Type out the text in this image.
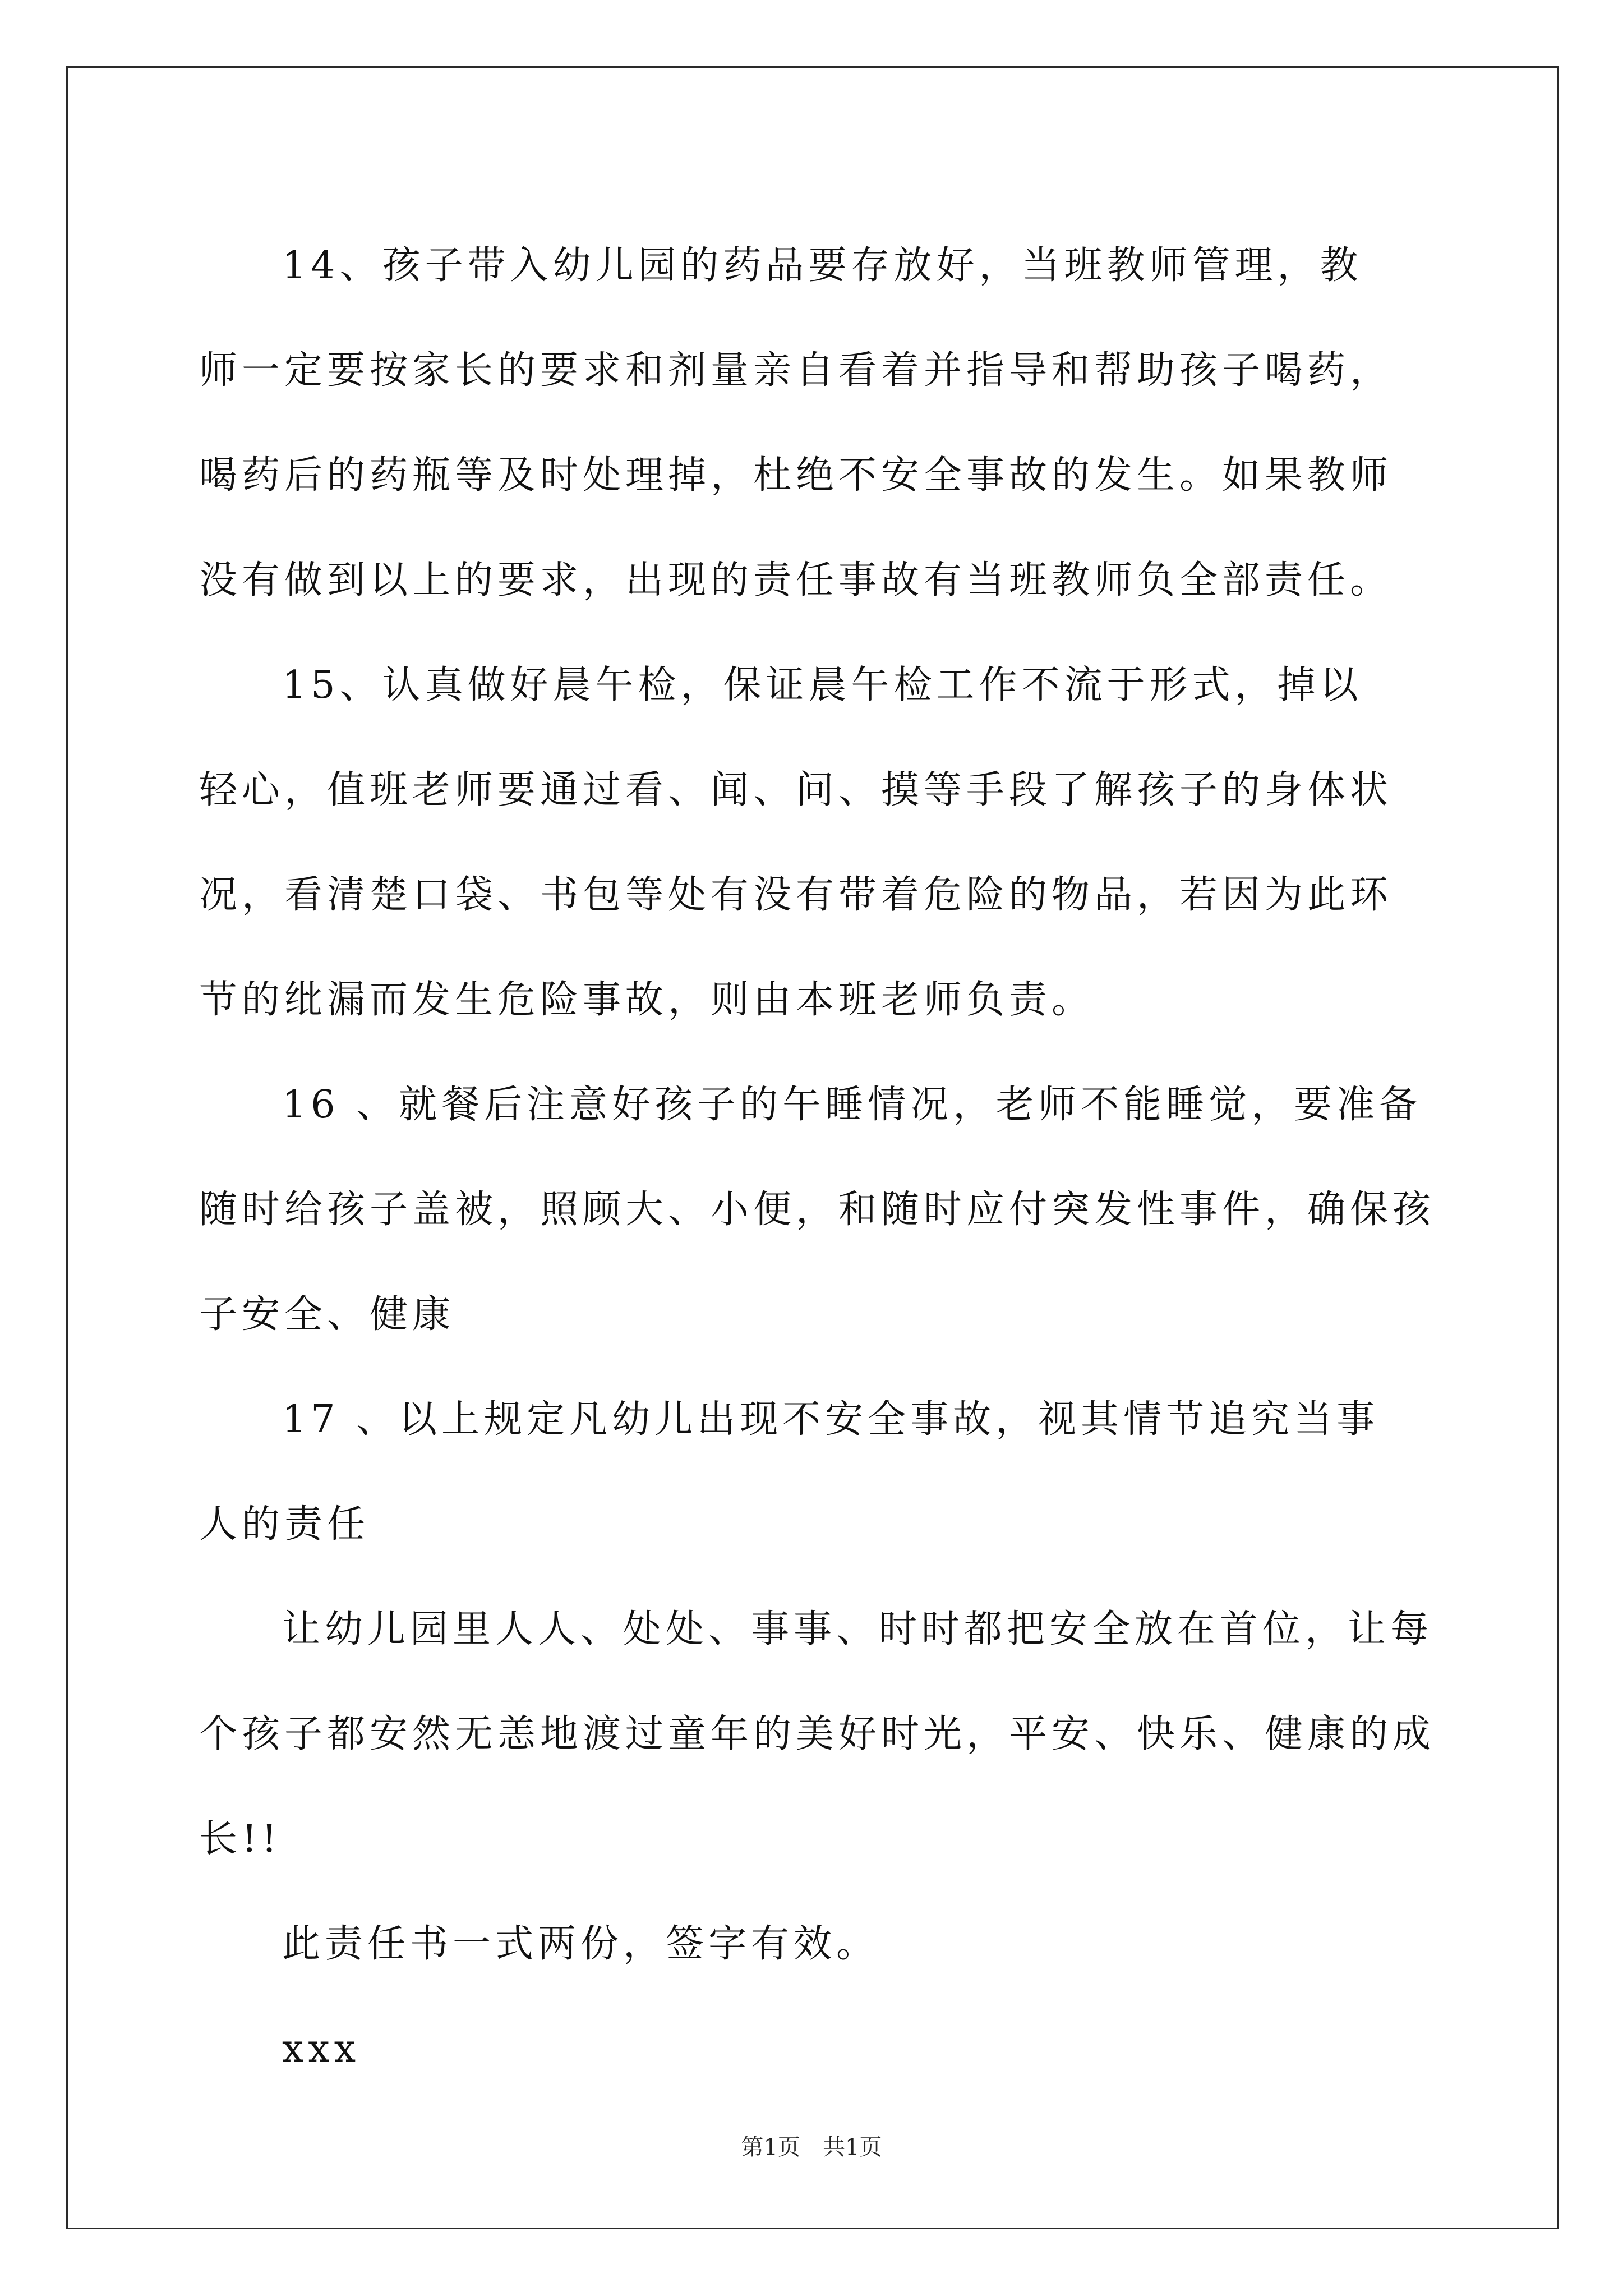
14、孩子带入幼儿园的药品要存放好，当班教师管理，教师一定要按家长的要求和剂量亲自看着并指导和帮助孩子喝药，喝药后的药瓶等及时处理掉，杜绝不安全事故的发生。如果教师没有做到以上的要求，出现的责任事故有当班教师负全部责任。

15、认真做好晨午检，保证晨午检工作不流于形式，掉以轻心，值班老师要通过看、闻、问、摸等手段了解孩子的身体状况，看清楚口袋、书包等处有没有带着危险的物品，若因为此环节的纰漏而发生危险事故，则由本班老师负责。

16 、就餐后注意好孩子的午睡情况，老师不能睡觉，要准备随时给孩子盖被，照顾大、小便，和随时应付突发性事件，确保孩子安全、健康

17 、以上规定凡幼儿出现不安全事故，视其情节追究当事人的责任

让幼儿园里人人、处处、事事、时时都把安全放在首位，让每个孩子都安然无恙地渡过童年的美好时光，平安、快乐、健康的成长!!

此责任书一式两份，签字有效。

xxx

第1页　共1页
